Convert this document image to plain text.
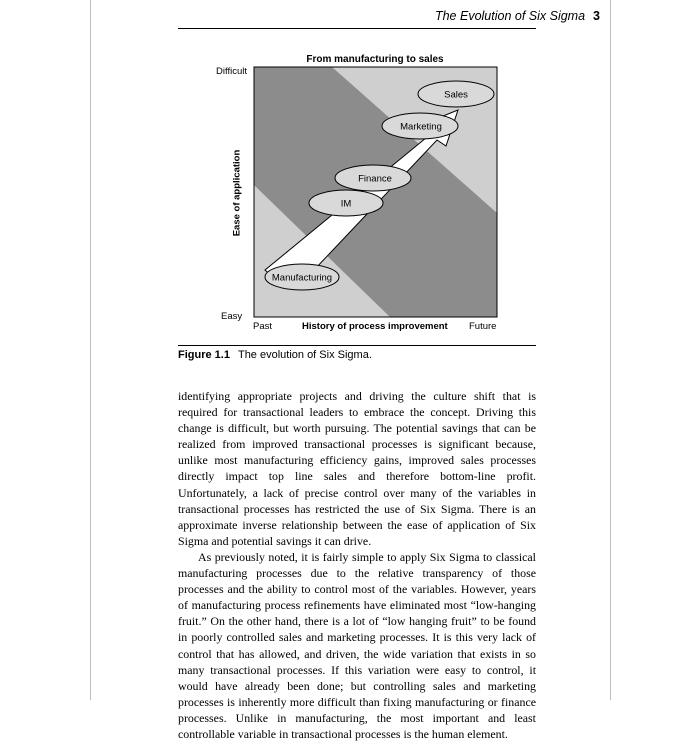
The Evolution of Six Sigma 3
From manufacturing to sales
Difficult
Easy
Ease of application
Past	History of process improvement Future
Manufacturing
IM
Finance
Marketing
Sales
Figure 1.1 The evolution of Six Sigma.

identifying appropriate projects and driving the culture shift that is required for transactional leaders to embrace the concept. Driving this change is difficult, but worth pursuing. The potential savings that can be realized from improved transactional processes is significant because, unlike most manufacturing efficiency gains, improved sales processes directly impact top line sales and therefore bottom-line profit. Unfortunately, a lack of precise control over many of the variables in transactional processes has restricted the use of Six Sigma. There is an approximate inverse relationship between the ease of application of Six Sigma and potential savings it can drive.

As previously noted, it is fairly simple to apply Six Sigma to classical manufacturing processes due to the relative transparency of those processes and the ability to control most of the variables. However, years of manufacturing process refinements have eliminated most “low-hanging fruit.” On the other hand, there is a lot of “low hanging fruit” to be found in poorly controlled sales and marketing processes. It is this very lack of control that has allowed, and driven, the wide variation that exists in so many transactional processes. If this variation were easy to control, it would have already been done; but controlling sales and marketing processes is inherently more difficult than fixing manufacturing or finance processes. Unlike in manufacturing, the most important and least controllable variable in transactional processes is the human element.
